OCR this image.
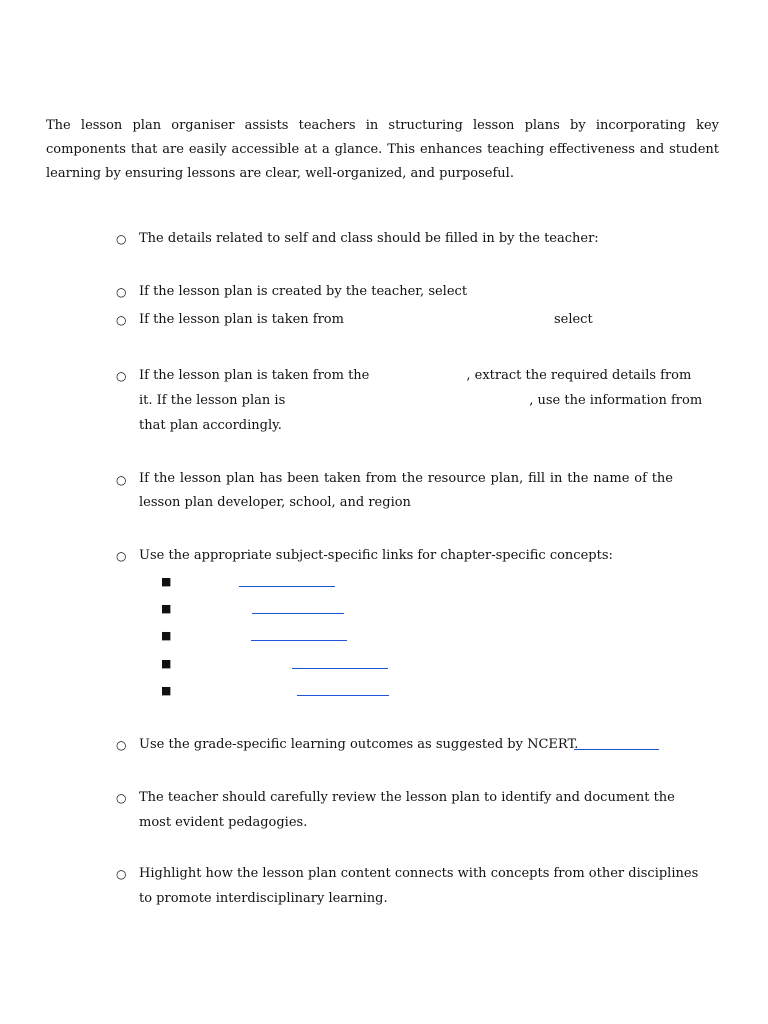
The lesson plan organiser assists teachers in structuring lesson plans by incorporating key components that are easily accessible at a glance. This enhances teaching effectiveness and student learning by ensuring lessons are clear, well-organized, and purposeful.

○ The details related to self and class should be filled in by the teacher:

○ If the lesson plan is created by the teacher, select

○ If the lesson plan is taken from	select

○ If the lesson plan is taken from the	, extract the required details from
it. If the lesson plan is	, use the information from
that plan accordingly.

○ If the lesson plan has been taken from the resource plan, fill in the name of the lesson plan developer, school, and region

○ Use the appropriate subject-specific links for chapter-specific concepts:

■
■
■
■
■
○ Use the grade-specific learning outcomes as suggested by NCERT.

○ The teacher should carefully review the lesson plan to identify and document the most evident pedagogies.

○ Highlight how the lesson plan content connects with concepts from other disciplines to promote interdisciplinary learning.
